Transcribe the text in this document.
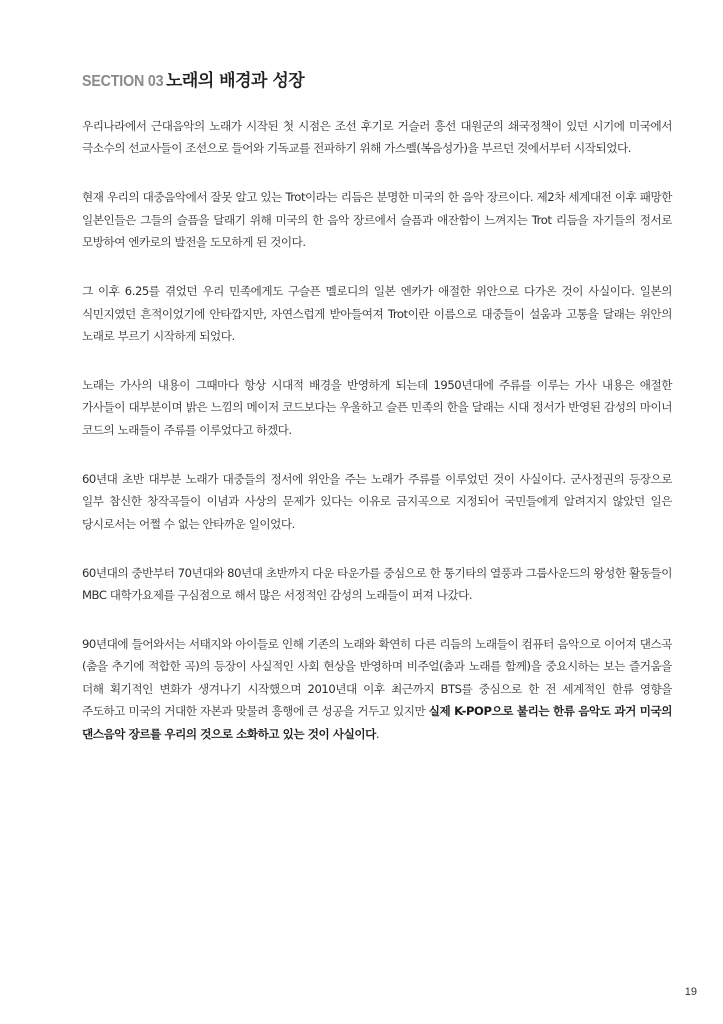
SECTION 03 노래의 배경과 성장

우리나라에서 근대음악의 노래가 시작된 첫 시점은 조선 후기로 거슬러 흥선 대원군의 쇄국정책이 있던 시기에 미국에서 극소수의 선교사들이 조선으로 들어와 기독교를 전파하기 위해 가스펠(복음성가)을 부르던 것에서부터 시작되었다.

현재 우리의 대중음악에서 잘못 알고 있는 Trot이라는 리듬은 분명한 미국의 한 음악 장르이다. 제2차 세계대전 이후 패망한 일본인들은 그들의 슬픔을 달래기 위해 미국의 한 음악 장르에서 슬픔과 애잔함이 느껴지는 Trot 리듬을 자기들의 정서로 모방하여 엔카로의 발전을 도모하게 된 것이다.

그 이후 6.25를 겪었던 우리 민족에게도 구슬픈 멜로디의 일본 엔카가 애절한 위안으로 다가온 것이 사실이다. 일본의 식민지였던 흔적이었기에 안타깝지만, 자연스럽게 받아들여져 Trot이란 이름으로 대중들이 설움과 고통을 달래는 위안의 노래로 부르기 시작하게 되었다.

노래는 가사의 내용이 그때마다 항상 시대적 배경을 반영하게 되는데 1950년대에 주류를 이루는 가사 내용은 애절한 가사들이 대부분이며 밝은 느낌의 메이저 코드보다는 우울하고 슬픈 민족의 한을 달래는 시대 정서가 반영된 감성의 마이너 코드의 노래들이 주류를 이루었다고 하겠다.

60년대 초반 대부분 노래가 대중들의 정서에 위안을 주는 노래가 주류를 이루었던 것이 사실이다. 군사정권의 등장으로 일부 참신한 창작곡들이 이념과 사상의 문제가 있다는 이유로 금지곡으로 지정되어 국민들에게 알려지지 않았던 일은 당시로서는 어쩔 수 없는 안타까운 일이었다.

60년대의 중반부터 70년대와 80년대 초반까지 다운 타운가를 중심으로 한 통기타의 열풍과 그룹사운드의 왕성한 활동들이 MBC 대학가요제를 구심점으로 해서 많은 서정적인 감성의 노래들이 퍼져 나갔다.

90년대에 들어와서는 서태지와 아이들로 인해 기존의 노래와 확연히 다른 리듬의 노래들이 컴퓨터 음악으로 이어져 댄스곡(춤을 추기에 적합한 곡)의 등장이 사실적인 사회 현상을 반영하며 비주얼(춤과 노래를 함께)을 중요시하는 보는 즐거움을 더해 획기적인 변화가 생겨나기 시작했으며 2010년대 이후 최근까지 BTS를 중심으로 한 전 세계적인 한류 영향을 주도하고 미국의 거대한 자본과 맞물려 흥행에 큰 성공을 거두고 있지만 실제 K-POP으로 불리는 한류 음악도 과거 미국의 댄스음악 장르를 우리의 것으로 소화하고 있는 것이 사실이다.

19
